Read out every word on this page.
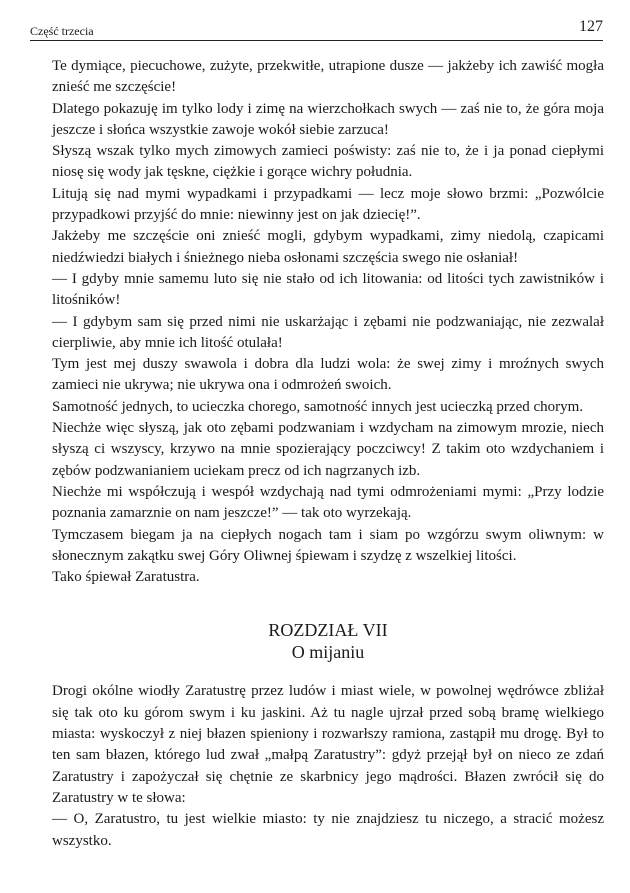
Część trzecia	127

Te dymiące, piecuchowe, zużyte, przekwitłe, utrapione dusze — jakżeby ich zawiść mogła znieść me szczęście!

Dlatego pokazuję im tylko lody i zimę na wierzchołkach swych — zaś nie to, że góra moja jeszcze i słońca wszystkie zawoje wokół siebie zarzuca!

Słyszą wszak tylko mych zimowych zamieci poświsty: zaś nie to, że i ja ponad ciepłymi niosę się wody jak tęskne, ciężkie i gorące wichry południa.

Litują się nad mymi wypadkami i przypadkami — lecz moje słowo brzmi: „Pozwólcie przypadkowi przyjść do mnie: niewinny jest on jak dziecię!”.

Jakżeby me szczęście oni znieść mogli, gdybym wypadkami, zimy niedolą, czapicami niedźwiedzi białych i śnieżnego nieba osłonami szczęścia swego nie osłaniał!

— I gdyby mnie samemu luto się nie stało od ich litowania: od litości tych zawistników i litośników!

— I gdybym sam się przed nimi nie uskarżając i zębami nie podzwaniając, nie zezwalał cierpliwie, aby mnie ich litość otulała!

Tym jest mej duszy swawola i dobra dla ludzi wola: że swej zimy i mroźnych swych zamieci nie ukrywa; nie ukrywa ona i odmrożeń swoich.

Samotność jednych, to ucieczka chorego, samotność innych jest ucieczką przed chorym.

Niechże więc słyszą, jak oto zębami podzwaniam i wzdycham na zimowym mrozie, niech słyszą ci wszyscy, krzywo na mnie spozierający poczciwcy! Z takim oto wzdychaniem i zębów podzwanianiem uciekam precz od ich nagrzanych izb.

Niechże mi współczują i wespół wzdychają nad tymi odmrożeniami mymi: „Przy lodzie poznania zamarznie on nam jeszcze!” — tak oto wyrzekają.

Tymczasem biegam ja na ciepłych nogach tam i siam po wzgórzu swym oliwnym: w słonecznym zakątku swej Góry Oliwnej śpiewam i szydzę z wszelkiej litości.

Tako śpiewał Zaratustra.

ROZDZIAŁ VII
O mijaniu

Drogi okólne wiodły Zaratustrę przez ludów i miast wiele, w powolnej wędrówce zbliżał się tak oto ku górom swym i ku jaskini. Aż tu nagle ujrzał przed sobą bramę wielkiego miasta: wyskoczył z niej błazen spieniony i rozwarłszy ramiona, zastąpił mu drogę. Był to ten sam błazen, którego lud zwał „małpą Zaratustry”: gdyż przejął był on nieco ze zdań Zaratustry i zapożyczał się chętnie ze skarbnicy jego mądrości. Błazen zwrócił się do Zaratustry w te słowa:

— O, Zaratustro, tu jest wielkie miasto: ty nie znajdziesz tu niczego, a stracić możesz wszystko.
